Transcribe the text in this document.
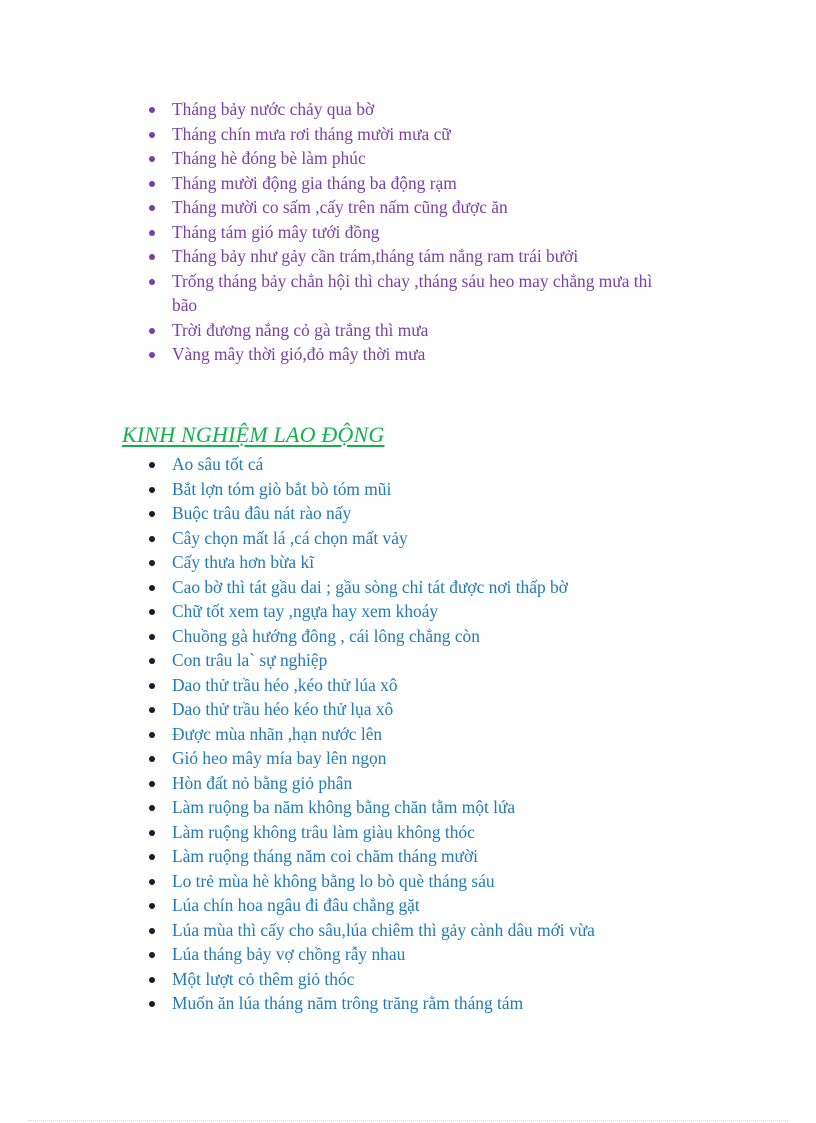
Tháng bảy nước chảy qua bờ
Tháng chín mưa rơi tháng mười mưa cữ
Tháng hè đóng bè làm phúc
Tháng mười động gia tháng ba động rạm
Tháng mười co sấm ,cấy trên nấm cũng được ăn
Tháng tám gió mây tưới đồng
Tháng bảy như gảy cần trám,tháng tám nắng ram trái bưởi
Trống tháng bảy chẳn hội thì chay ,tháng sáu heo may chẳng mưa thì bão
Trời đương nắng cỏ gà trắng thì mưa
Vàng mây thời gió,đỏ mây thời mưa
KINH NGHIỆM LAO ĐỘNG
Ao sâu tốt cá
Bắt lợn tóm giò bắt bò tóm mũi
Buộc trâu đâu nát rào nấy
Cây chọn mất lá ,cá chọn mất vảy
Cấy thưa hơn bừa kĩ
Cao bờ thì tát gầu dai ; gầu sòng chỉ tát được nơi thấp bờ
Chữ tốt xem tay ,ngựa hay xem khoáy
Chuồng gà hướng đông , cái lông chẳng còn
Con trâu la` sự nghiệp
Dao thử trầu héo ,kéo thử lúa xô
Dao thử trầu héo kéo thử lụa xô
Được mùa nhãn ,hạn nước lên
Gió heo mây mía bay lên ngọn
Hòn đất nỏ bằng giỏ phân
Làm ruộng ba năm không bằng chăn tằm một lứa
Làm ruộng không trâu làm giàu không thóc
Làm ruộng tháng năm coi chăm tháng mười
Lo trẻ mùa hè không bằng lo bò què tháng sáu
Lúa chín hoa ngâu đi đâu chẳng gặt
Lúa mùa thì cấy cho sâu,lúa chiêm thì gảy cành dâu mới vừa
Lúa tháng bảy vợ chồng rẫy nhau
Một lượt cỏ thêm giỏ thóc
Muốn ăn lúa tháng năm trông trăng rằm tháng tám
